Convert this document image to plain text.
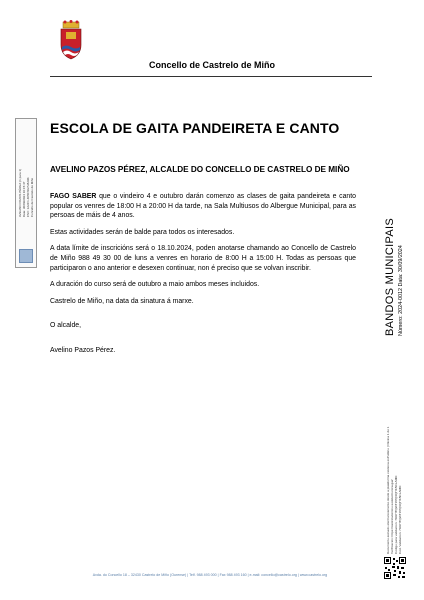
Concello de Castrelo de Miño
AVELINO PAZOS PÉREZ (1 para 1) Data: 30/09/2024 10:15:47 CSV: 1A2C1.4D5F6G7H8J9K Concello de Castrelo de Miño
ESCOLA DE GAITA PANDEIRETA E CANTO
AVELINO PAZOS PÉREZ, ALCALDE DO CONCELLO DE CASTRELO DE MIÑO

FAGO SABER que o vindeiro 4 e outubro darán comenzo as clases de gaita pandeireta e canto popular os venres de 18:00 H a 20:00 H da tarde, na Sala Multiusos do Albergue Municipal, para as persoas de máis de 4 anos.

Estas actividades serán de balde para todos os interesados.

A data límite de inscricións será o 18.10.2024, poden anotarse chamando ao Concello de Castrelo de Miño 988 49 30 00 de luns a venres en horario de 8:00 H a 15:00 H. Todas as persoas que participaron o ano anterior e desexen continuar, non é preciso que se volvan inscribir.

A duración do curso será de outubro a maio ambos meses incluidos.

Castrelo de Miño, na data da sinatura á marxe.

O alcalde,

Avelino Pazos Pérez.

BANDOS MUNICIPAIS Número: 2024-0012 Data: 30/09/2024
Documento asinado electronicamente desde a plataforma xestiona esPublico | Páxina 1 de 1 Verificación: https://castrelodemino.sedelectronica.gal/ Código para validación: 7RRHTQWTZPQXQHK5CLAMD Cód. Validación: 7RRHTQWTZPQXQHK5CLAMD
Avda. do Concello 18 – 32430 Castrelo de Miño (Ourense) | Telf. 988 493 000 | Fax 988 493 160 | e-mail: concello@castrelo.org | www.castrelo.org
